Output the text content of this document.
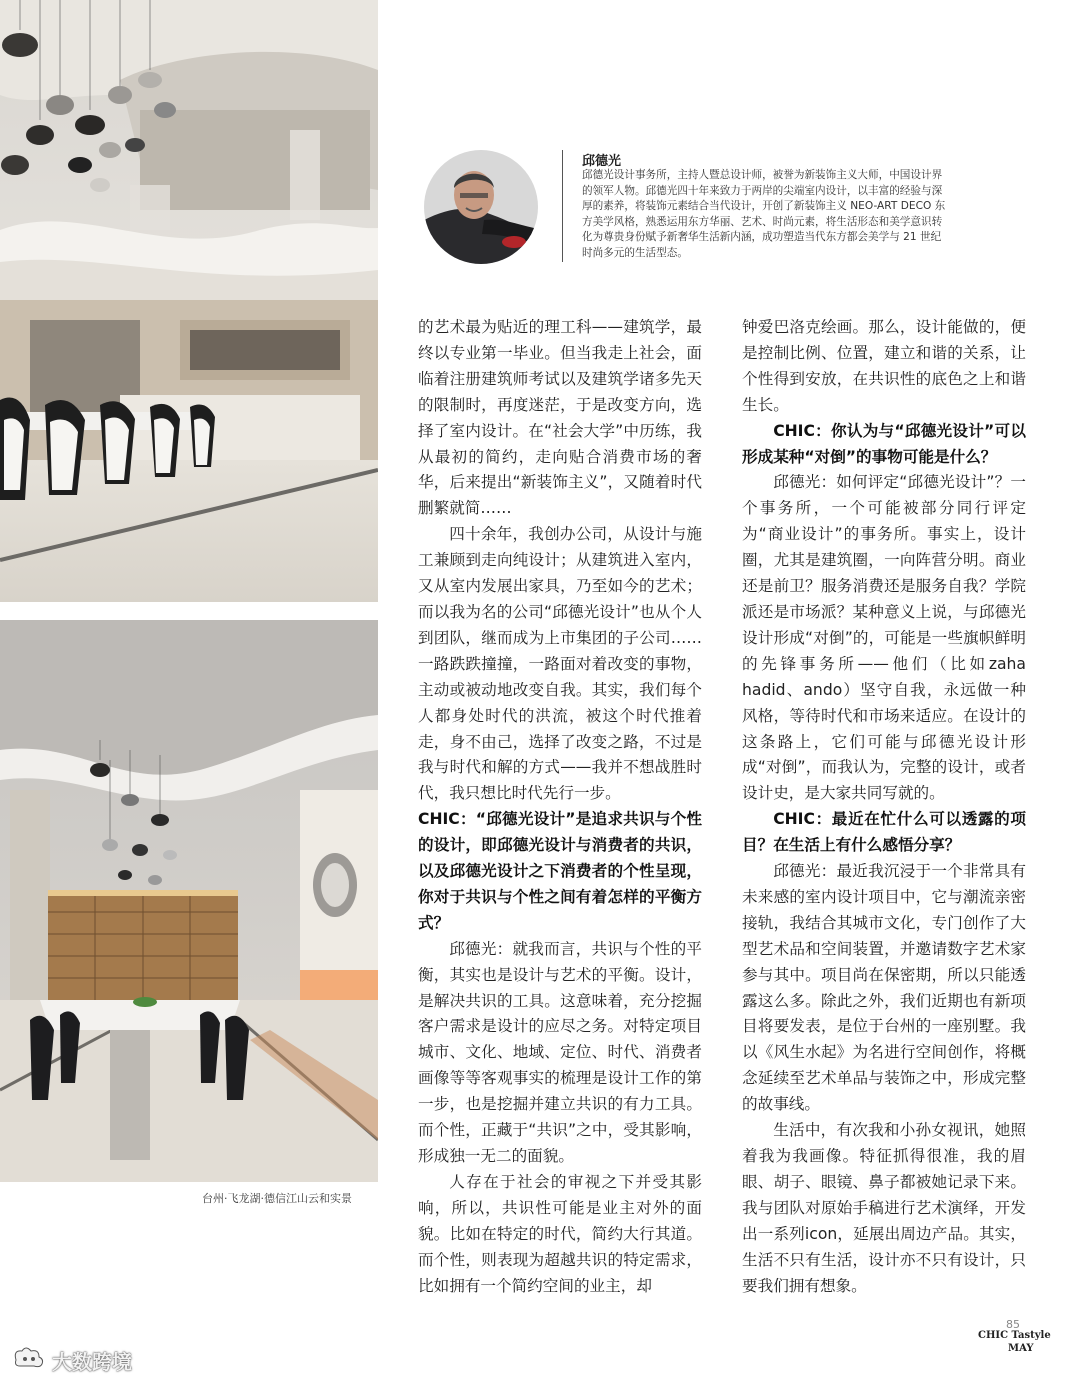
台州·飞龙湖·德信江山云和实景
邱德光
邱德光设计事务所，主持人暨总设计师，被誉为新装饰主义大师，中国设计界的领军人物。邱德光四十年来致力于两岸的尖端室内设计，以丰富的经验与深厚的素养，将装饰元素结合当代设计，开创了新装饰主义 NEO-ART DECO 东方美学风格，熟悉运用东方华丽、艺术、时尚元素，将生活形态和美学意识转化为尊贵身份赋予新奢华生活新内涵，成功塑造当代东方都会美学与 21 世纪时尚多元的生活型态。

的艺术最为贴近的理工科——建筑学，最终以专业第一毕业。但当我走上社会，面临着注册建筑师考试以及建筑学诸多先天的限制时，再度迷茫，于是改变方向，选择了室内设计。在“社会大学”中历练，我从最初的简约，走向贴合消费市场的奢华，后来提出“新装饰主义”，又随着时代删繁就简……

四十余年，我创办公司，从设计与施工兼顾到走向纯设计；从建筑进入室内，又从室内发展出家具，乃至如今的艺术；而以我为名的公司“邱德光设计”也从个人到团队，继而成为上市集团的子公司……一路跌跌撞撞，一路面对着改变的事物，主动或被动地改变自我。其实，我们每个人都身处时代的洪流，被这个时代推着走，身不由己，选择了改变之路，不过是我与时代和解的方式——我并不想战胜时代，我只想比时代先行一步。

CHIC：“邱德光设计”是追求共识与个性的设计，即邱德光设计与消费者的共识，以及邱德光设计之下消费者的个性呈现，你对于共识与个性之间有着怎样的平衡方式？

邱德光：就我而言，共识与个性的平衡，其实也是设计与艺术的平衡。设计，是解决共识的工具。这意味着，充分挖掘客户需求是设计的应尽之务。对特定项目城市、文化、地域、定位、时代、消费者画像等等客观事实的梳理是设计工作的第一步，也是挖掘并建立共识的有力工具。而个性，正藏于“共识”之中，受其影响，形成独一无二的面貌。

人存在于社会的审视之下并受其影响，所以，共识性可能是业主对外的面貌。比如在特定的时代，简约大行其道。而个性，则表现为超越共识的特定需求，比如拥有一个简约空间的业主，却

钟爱巴洛克绘画。那么，设计能做的，便是控制比例、位置，建立和谐的关系，让个性得到安放，在共识性的底色之上和谐生长。

CHIC：你认为与“邱德光设计”可以形成某种“对倒”的事物可能是什么？

邱德光：如何评定“邱德光设计”？一个事务所，一个可能被部分同行评定为“商业设计”的事务所。事实上，设计圈，尤其是建筑圈，一向阵营分明。商业还是前卫？服务消费还是服务自我？学院派还是市场派？某种意义上说，与邱德光设计形成“对倒”的，可能是一些旗帜鲜明的先锋事务所——他们（比如zaha hadid、ando）坚守自我，永远做一种风格，等待时代和市场来适应。在设计的这条路上，它们可能与邱德光设计形成“对倒”，而我认为，完整的设计，或者设计史，是大家共同写就的。

CHIC：最近在忙什么可以透露的项目？在生活上有什么感悟分享？

邱德光：最近我沉浸于一个非常具有未来感的室内设计项目中，它与潮流亲密接轨，我结合其城市文化，专门创作了大型艺术品和空间装置，并邀请数字艺术家参与其中。项目尚在保密期，所以只能透露这么多。除此之外，我们近期也有新项目将要发表，是位于台州的一座别墅。我以《风生水起》为名进行空间创作，将概念延续至艺术单品与装饰之中，形成完整的故事线。

生活中，有次我和小孙女视讯，她照着我为我画像。特征抓得很准，我的眉眼、胡子、眼镜、鼻子都被她记录下来。我与团队对原始手稿进行艺术演绎，开发出一系列icon，延展出周边产品。其实，生活不只有生活，设计亦不只有设计，只要我们拥有想象。

85
CHIC Tastyle
MAY
大数跨境
